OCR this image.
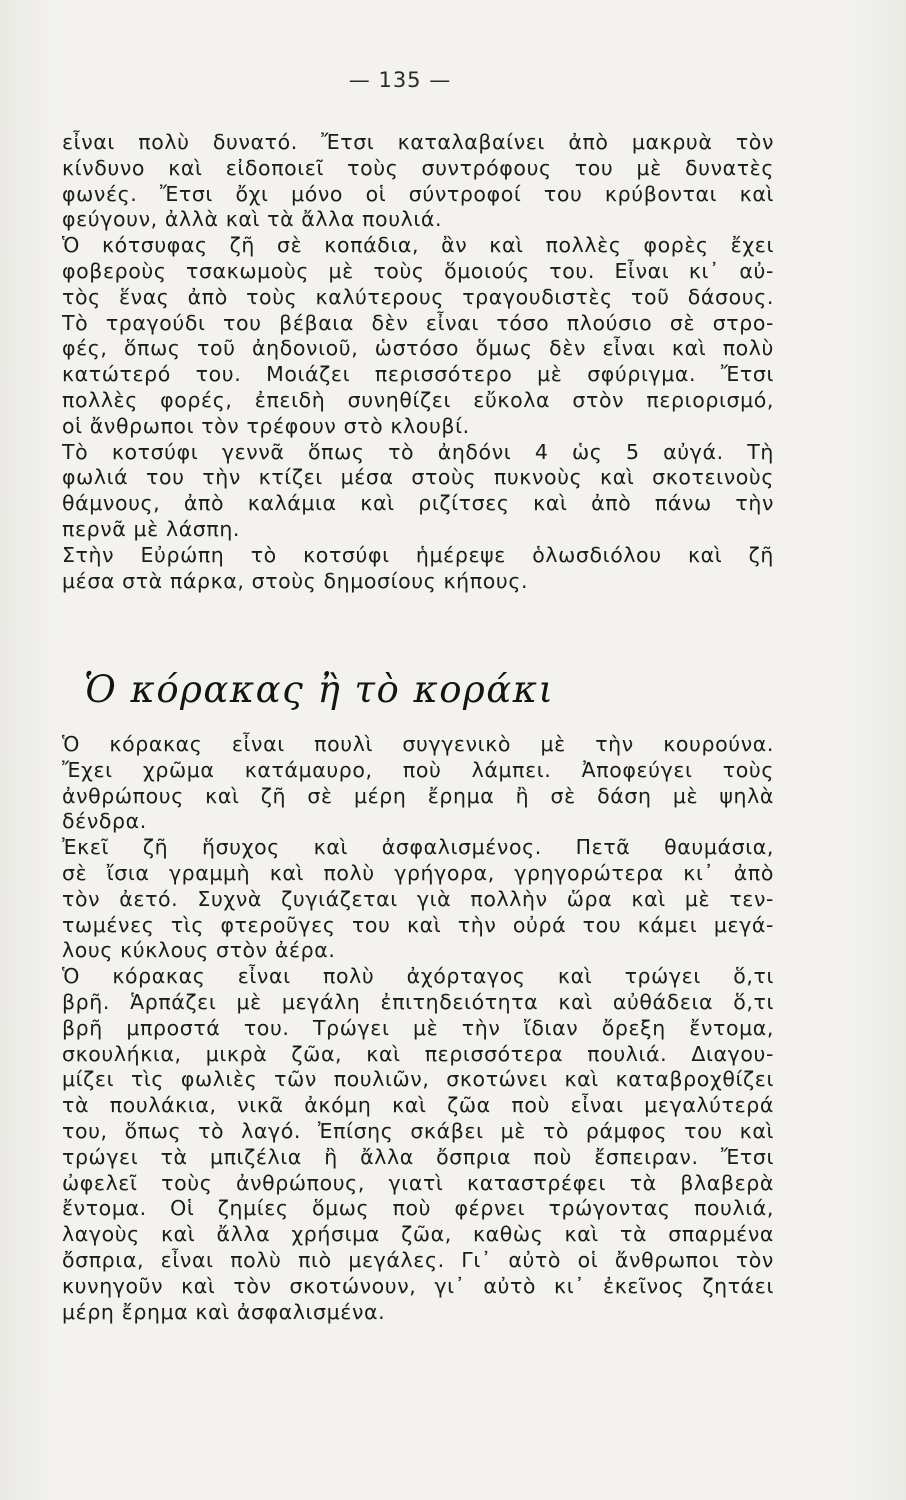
— 135 —
εἶναι πολὺ δυνατό. Ἔτσι καταλαβαίνει ἀπὸ μακρυὰ τὸν
κίνδυνο καὶ εἰδοποιεῖ τοὺς συντρόφους του μὲ δυνατὲς
φωνές. Ἔτσι ὄχι μόνο οἱ σύντροφοί του κρύβονται καὶ
φεύγουν, ἀλλὰ καὶ τὰ ἄλλα πουλιά.
Ὁ κότσυφας ζῆ σὲ κοπάδια, ἂν καὶ πολλὲς φορὲς ἔχει
φοβεροὺς τσακωμοὺς μὲ τοὺς ὅμοιούς του. Εἶναι κι᾽ αὐ-
τὸς ἕνας ἀπὸ τοὺς καλύτερους τραγουδιστὲς τοῦ δάσους.
Τὸ τραγούδι του βέβαια δὲν εἶναι τόσο πλούσιο σὲ στρο-
φές, ὅπως τοῦ ἀηδονιοῦ, ὡστόσο ὅμως δὲν εἶναι καὶ πολὺ
κατώτερό του. Μοιάζει περισσότερο μὲ σφύριγμα. Ἔτσι
πολλὲς φορές, ἐπειδὴ συνηθίζει εὔκολα στὸν περιορισμό,
οἱ ἄνθρωποι τὸν τρέφουν στὸ κλουβί.
Τὸ κοτσύφι γεννᾶ ὅπως τὸ ἀηδόνι 4 ὡς 5 αὐγά. Τὴ
φωλιά του τὴν κτίζει μέσα στοὺς πυκνοὺς καὶ σκοτεινοὺς
θάμνους, ἀπὸ καλάμια καὶ ριζίτσες καὶ ἀπὸ πάνω τὴν
περνᾶ μὲ λάσπη.
Στὴν Εὐρώπη τὸ κοτσύφι ἡμέρεψε ὁλωσδιόλου καὶ ζῆ
μέσα στὰ πάρκα, στοὺς δημοσίους κήπους.
Ὁ κόρακας ἢ τὸ κοράκι
Ὁ κόρακας εἶναι πουλὶ συγγενικὸ μὲ τὴν κουρούνα.
Ἔχει χρῶμα κατάμαυρο, ποὺ λάμπει. Ἀποφεύγει τοὺς
ἀνθρώπους καὶ ζῆ σὲ μέρη ἔρημα ἢ σὲ δάση μὲ ψηλὰ
δένδρα.
Ἐκεῖ ζῆ ἥσυχος καὶ ἀσφαλισμένος. Πετᾶ θαυμάσια,
σὲ ἴσια γραμμὴ καὶ πολὺ γρήγορα, γρηγορώτερα κι᾽ ἀπὸ
τὸν ἀετό. Συχνὰ ζυγιάζεται γιὰ πολλὴν ὥρα καὶ μὲ τεν-
τωμένες τὶς φτεροῦγες του καὶ τὴν οὐρά του κάμει μεγά-
λους κύκλους στὸν ἀέρα.
Ὁ κόρακας εἶναι πολὺ ἀχόρταγος καὶ τρώγει ὅ,τι
βρῆ. Ἁρπάζει μὲ μεγάλη ἐπιτηδειότητα καὶ αὐθάδεια ὅ,τι
βρῆ μπροστά του. Τρώγει μὲ τὴν ἴδιαν ὄρεξη ἔντομα,
σκουλήκια, μικρὰ ζῶα, καὶ περισσότερα πουλιά. Διαγου-
μίζει τὶς φωλιὲς τῶν πουλιῶν, σκοτώνει καὶ καταβροχθίζει
τὰ πουλάκια, νικᾶ ἀκόμη καὶ ζῶα ποὺ εἶναι μεγαλύτερά
του, ὅπως τὸ λαγό. Ἐπίσης σκάβει μὲ τὸ ράμφος του καὶ
τρώγει τὰ μπιζέλια ἢ ἄλλα ὄσπρια ποὺ ἔσπειραν. Ἔτσι
ὠφελεῖ τοὺς ἀνθρώπους, γιατὶ καταστρέφει τὰ βλαβερὰ
ἔντομα. Οἱ ζημίες ὅμως ποὺ φέρνει τρώγοντας πουλιά,
λαγοὺς καὶ ἄλλα χρήσιμα ζῶα, καθὼς καὶ τὰ σπαρμένα
ὄσπρια, εἶναι πολὺ πιὸ μεγάλες. Γι᾽ αὐτὸ οἱ ἄνθρωποι τὸν
κυνηγοῦν καὶ τὸν σκοτώνουν, γι᾽ αὐτὸ κι᾽ ἐκεῖνος ζητάει
μέρη ἔρημα καὶ ἀσφαλισμένα.
